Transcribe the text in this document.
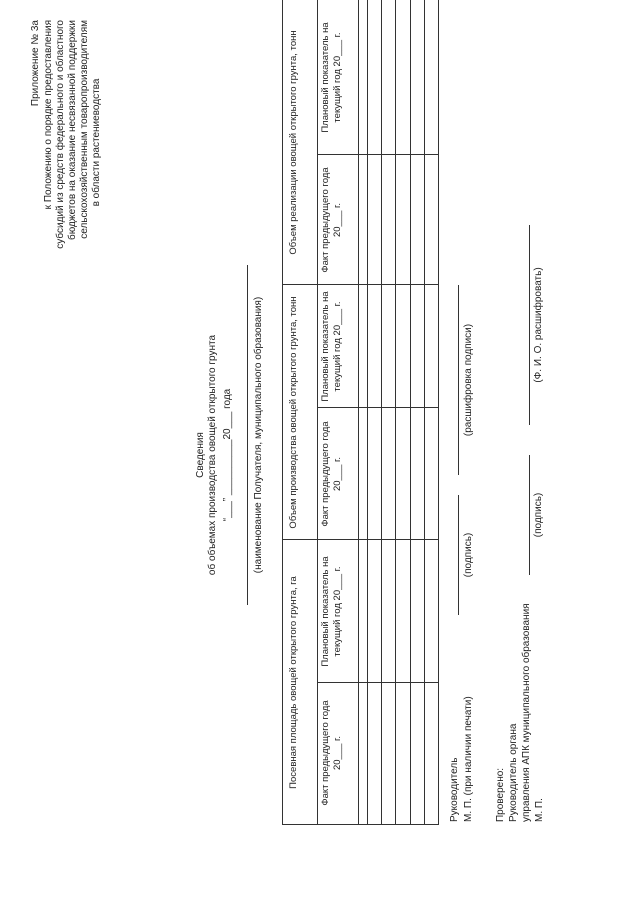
Приложение № 3а к Положению о порядке предоставления субсидий из средств федерального и областного бюджетов на оказание несвязанной поддержки сельскохозяйственным товаропроизводителям в области растениеводства
Сведения об объемах производства овощей открытого грунта “___” __________20___ года (наименование Получателя, муниципального образования)
Посевная площадь овощей открытого грунта, га
Объем производства овощей открытого грунта, тонн
Объем реализации овощей открытого грунта, тонн
Факт предыдущего года 20___ г.
Плановый показатель на текущий год 20___ г.
Факт предыдущего года 20___ г.
Плановый показатель на текущий год 20___ г.
Факт предыдущего года 20___ г.
Плановый показатель на текущий год 20___ г.
Руководитель М. П. (при наличии печати)
(подпись)
(расшифровка подписи)
Проверено: Руководитель органа управления АПК муниципального образования М. П.
(подпись)
(Ф. И. О. расшифровать)
